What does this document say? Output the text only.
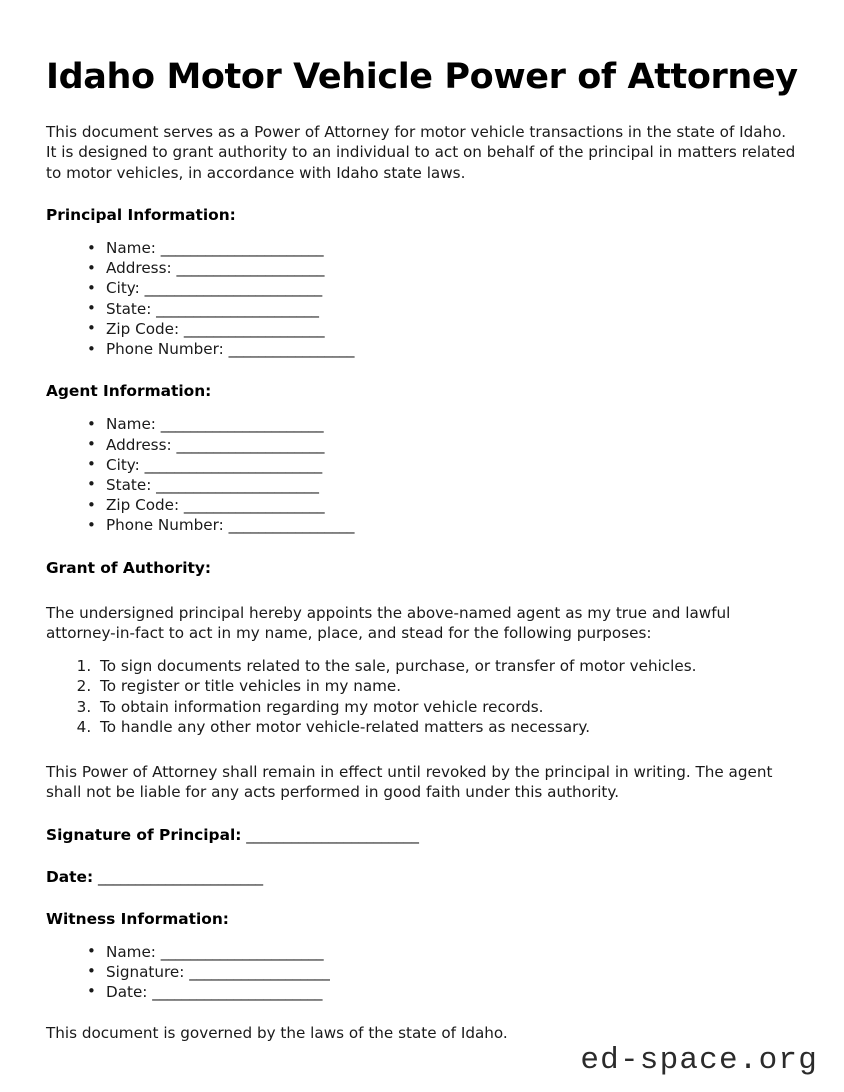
Idaho Motor Vehicle Power of Attorney

This document serves as a Power of Attorney for motor vehicle transactions in the state of Idaho. It is designed to grant authority to an individual to act on behalf of the principal in matters related to motor vehicles, in accordance with Idaho state laws.

Principal Information:
• Name: ______________________
• Address: ____________________
• City: ________________________
• State: ______________________
• Zip Code: ___________________
• Phone Number: _________________
Agent Information:
• Name: ______________________
• Address: ____________________
• City: ________________________
• State: ______________________
• Zip Code: ___________________
• Phone Number: _________________
Grant of Authority:

The undersigned principal hereby appoints the above-named agent as my true and lawful attorney-in-fact to act in my name, place, and stead for the following purposes:

1. To sign documents related to the sale, purchase, or transfer of motor vehicles.
2. To register or title vehicles in my name.
3. To obtain information regarding my motor vehicle records.
4. To handle any other motor vehicle-related matters as necessary.

This Power of Attorney shall remain in effect until revoked by the principal in writing. The agent shall not be liable for any acts performed in good faith under this authority.

Signature of Principal: _______________________
Date: ______________________
Witness Information:
• Name: ______________________
• Signature: ___________________
• Date: _______________________

This document is governed by the laws of the state of Idaho.

ed-space.org
